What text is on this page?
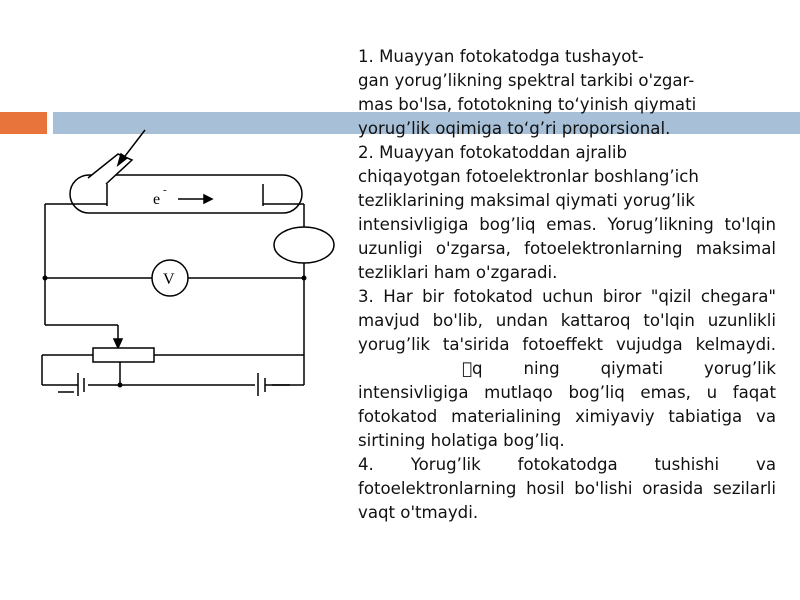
e
-
V

1. Muayyan fotokatodga tushayot-
gan yorug’likning spektral tarkibi o'zgar-
mas bo'lsa, fototokning to‘yinish qiymati
yorug’lik oqimiga to‘g’ri proporsional.

2. Muayyan fotokatoddan ajralib
chiqayotgan fotoelektronlar boshlang’ich
tezliklarining maksimal qiymati yorug’lik
intensivligiga bog’liq emas. Yorug’likning to'lqin uzunligi o'zgarsa, fotoelektronlarning maksimal tezliklari ham o'zgaradi.

3. Har bir fotokatod uchun biror "qizil chegara" mavjud bo'lib, undan kattaroq to'lqin uzunlikli yorug’lik ta'sirida fotoeffekt vujudga kelmaydi. q ning qiymati yorug’lik intensivligiga mutlaqo bog’liq emas, u faqat fotokatod materialining ximiyaviy tabiatiga va sirtining holatiga bog’liq.

4. Yorug’lik fotokatodga tushishi va fotoelektronlarning hosil bo'lishi orasida sezilarli vaqt o'tmaydi.
